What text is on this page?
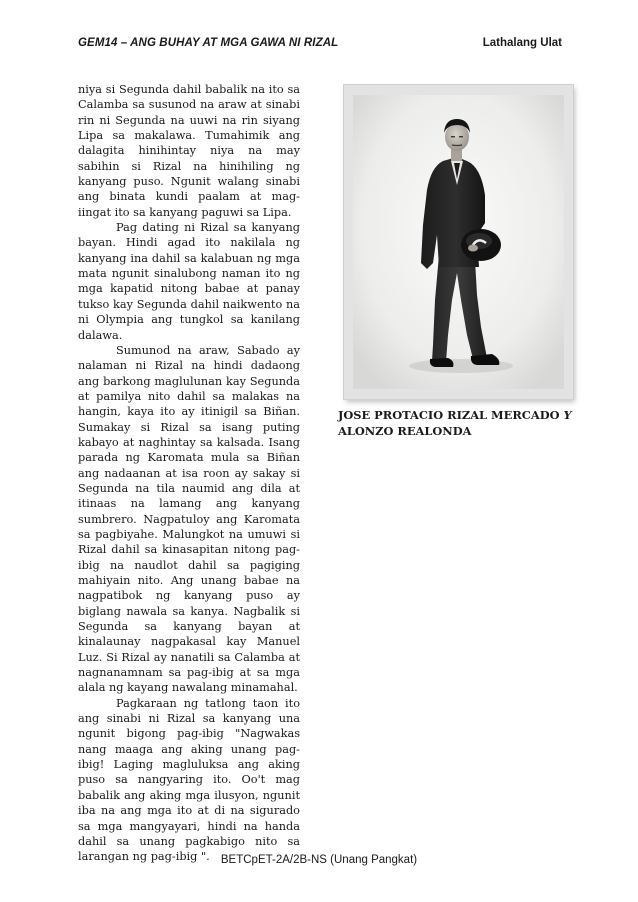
GEM14 – ANG BUHAY AT MGA GAWA NI RIZAL	Lathalang Ulat

niya si Segunda dahil babalik na ito sa Calamba sa susunod na araw at sinabi rin ni Segunda na uuwi na rin siyang Lipa sa makalawa. Tumahimik ang dalagita hinihintay niya na may sabihin si Rizal na hinihiling ng kanyang puso. Ngunit walang sinabi ang binata kundi paalam at mag-iingat ito sa kanyang paguwi sa Lipa.

Pag dating ni Rizal sa kanyang bayan. Hindi agad ito nakilala ng kanyang ina dahil sa kalabuan ng mga mata ngunit sinalubong naman ito ng mga kapatid nitong babae at panay tukso kay Segunda dahil naikwento na ni Olympia ang tungkol sa kanilang dalawa.

Sumunod na araw, Sabado ay nalaman ni Rizal na hindi dadaong ang barkong maglulunan kay Segunda at pamilya nito dahil sa malakas na hangin, kaya ito ay itinigil sa Biñan. Sumakay si Rizal sa isang puting kabayo at naghintay sa kalsada. Isang parada ng Karomata mula sa Biñan ang nadaanan at isa roon ay sakay si Segunda na tila naumid ang dila at itinaas na lamang ang kanyang sumbrero. Nagpatuloy ang Karomata sa pagbiyahe. Malungkot na umuwi si Rizal dahil sa kinasapitan nitong pag-ibig na naudlot dahil sa pagiging mahiyain nito. Ang unang babae na nagpatibok ng kanyang puso ay biglang nawala sa kanya. Nagbalik si Segunda sa kanyang bayan at kinalaunay nagpakasal kay Manuel Luz. Si Rizal ay nanatili sa Calamba at nagnanamnam sa pag-ibig at sa mga alala ng kayang nawalang minamahal.

Pagkaraan ng tatlong taon ito ang sinabi ni Rizal sa kanyang una ngunit bigong pag-ibig "Nagwakas nang maaga ang aking unang pag-ibig! Laging magluluksa ang aking puso sa nangyaring ito. Oo't mag babalik ang aking mga ilusyon, ngunit iba na ang mga ito at di na sigurado sa mga mangyayari, hindi na handa dahil sa unang pagkabigo nito sa larangan ng pag-ibig ".

JOSE PROTACIO RIZAL MERCADO Y
ALONZO REALONDA

BETCpET-2A/2B-NS (Unang Pangkat)
